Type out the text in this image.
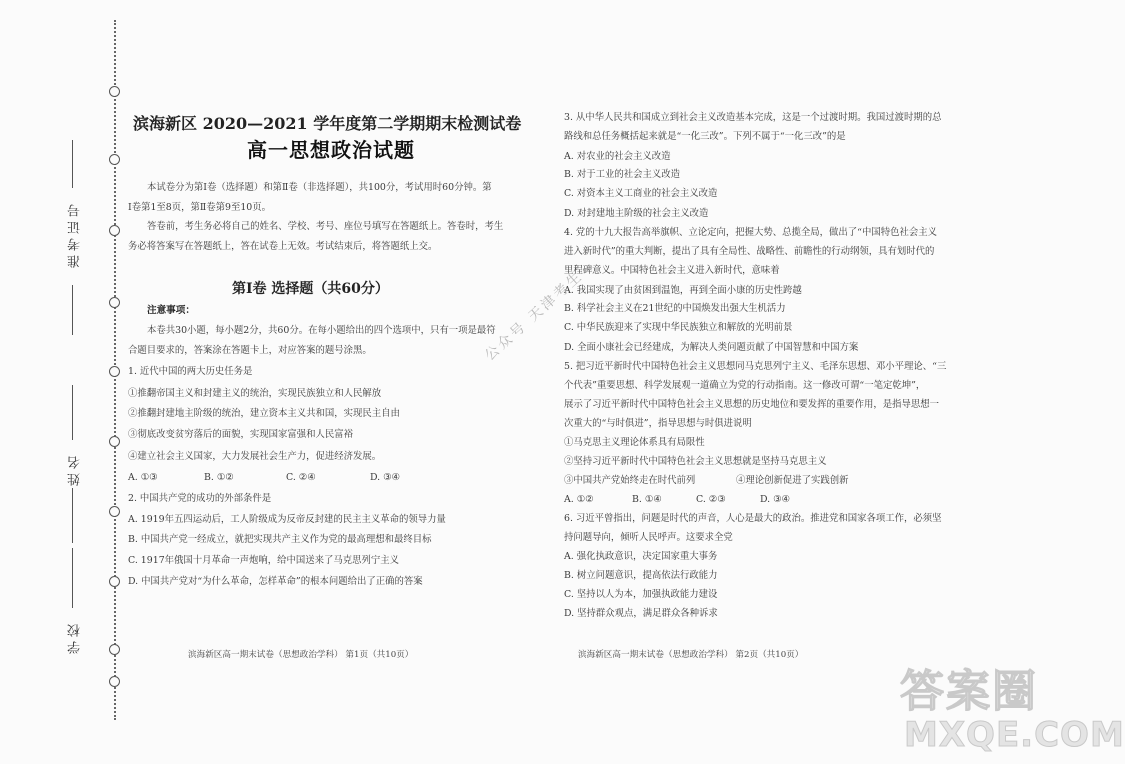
准考证号
姓名
学校
滨海新区 2020—2021 学年度第二学期期末检测试卷
高一思想政治试题
本试卷分为第Ⅰ卷（选择题）和第Ⅱ卷（非选择题），共100分，考试用时60分钟。第
Ⅰ卷第1至8页，第Ⅱ卷第9至10页。
答卷前，考生务必将自己的姓名、学校、考号、座位号填写在答题纸上。答卷时，考生
务必将答案写在答题纸上，答在试卷上无效。考试结束后，将答题纸上交。
第Ⅰ卷 选择题（共60分）
注意事项：
本卷共30小题，每小题2分，共60分。在每小题给出的四个选项中，只有一项是最符
合题目要求的，答案涂在答题卡上，对应答案的题号涂黑。
1. 近代中国的两大历史任务是
①推翻帝国主义和封建主义的统治，实现民族独立和人民解放
②推翻封建地主阶级的统治，建立资本主义共和国，实现民主自由
③彻底改变贫穷落后的面貌，实现国家富强和人民富裕
④建立社会主义国家，大力发展社会生产力，促进经济发展。
A. ①③	B. ①②	C. ②④	D. ③④
2. 中国共产党的成功的外部条件是
A. 1919年五四运动后，工人阶级成为反帝反封建的民主主义革命的领导力量
B. 中国共产党一经成立，就把实现共产主义作为党的最高理想和最终目标
C. 1917年俄国十月革命一声炮响，给中国送来了马克思列宁主义
D. 中国共产党对“为什么革命，怎样革命”的根本问题给出了正确的答案
滨海新区高一期末试卷（思想政治学科） 第1页（共10页）
3. 从中华人民共和国成立到社会主义改造基本完成，这是一个过渡时期。我国过渡时期的总
路线和总任务概括起来就是“一化三改”。下列不属于“一化三改”的是
A. 对农业的社会主义改造
B. 对于工业的社会主义改造
C. 对资本主义工商业的社会主义改造
D. 对封建地主阶级的社会主义改造
4. 党的十九大报告高举旗帜、立论定向，把握大势、总揽全局，做出了“中国特色社会主义
进入新时代”的重大判断，提出了具有全局性、战略性、前瞻性的行动纲领，具有划时代的
里程碑意义。中国特色社会主义进入新时代，意味着
A. 我国实现了由贫困到温饱，再到全面小康的历史性跨越
B. 科学社会主义在21世纪的中国焕发出强大生机活力
C. 中华民族迎来了实现中华民族独立和解放的光明前景
D. 全面小康社会已经建成，为解决人类问题贡献了中国智慧和中国方案
5. 把习近平新时代中国特色社会主义思想同马克思列宁主义、毛泽东思想、邓小平理论、“三
个代表”重要思想、科学发展观一道确立为党的行动指南。这一修改可谓“一笔定乾坤”，
展示了习近平新时代中国特色社会主义思想的历史地位和要发挥的重要作用，是指导思想一
次重大的“与时俱进”，指导思想与时俱进说明
①马克思主义理论体系具有局限性
②坚持习近平新时代中国特色社会主义思想就是坚持马克思主义
③中国共产党始终走在时代前列	④理论创新促进了实践创新
A. ①②	B. ①④	C. ②③	D. ③④
6. 习近平曾指出，问题是时代的声音，人心是最大的政治。推进党和国家各项工作，必须坚
持问题导向，倾听人民呼声。这要求全党
A. 强化执政意识，决定国家重大事务
B. 树立问题意识，提高依法行政能力
C. 坚持以人为本，加强执政能力建设
D. 坚持群众观点，满足群众各种诉求
滨海新区高一期末试卷（思想政治学科） 第2页（共10页）
公众号 天津考生
答案圈
MXQE.COM
